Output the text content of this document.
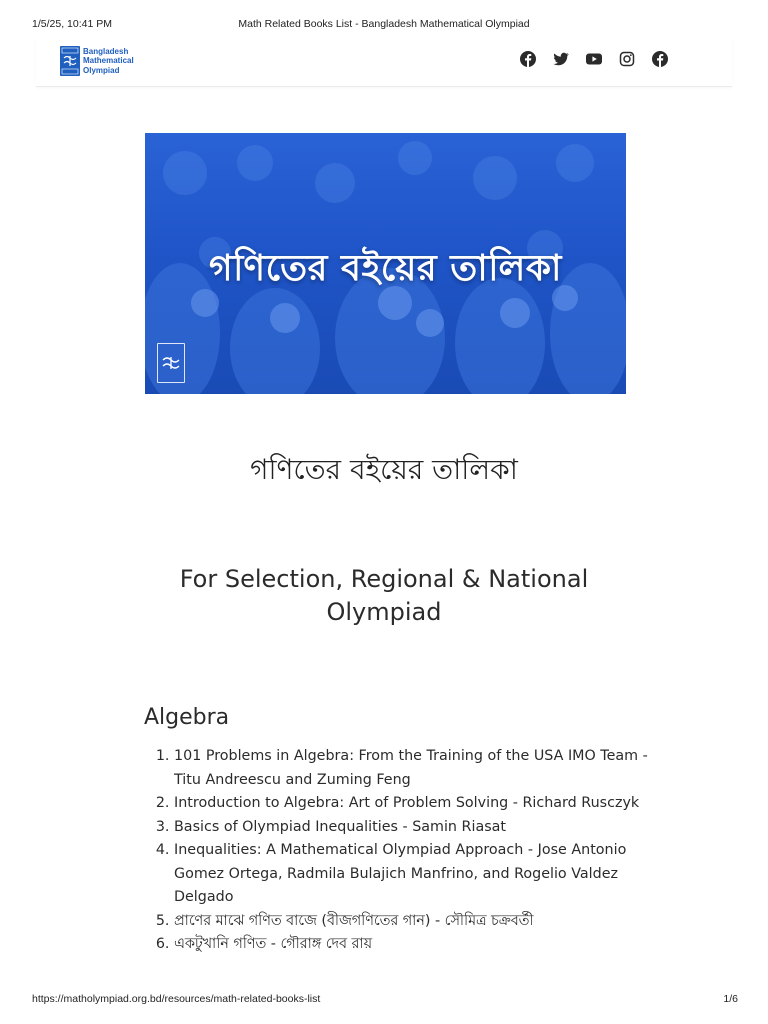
1/5/25, 10:41 PM	Math Related Books List - Bangladesh Mathematical Olympiad
Bangladesh
Mathematical
Olympiad
গণিতের বইয়ের তালিকা
গণিতের বইয়ের তালিকা
For Selection, Regional & National Olympiad
Algebra
1. 101 Problems in Algebra: From the Training of the USA IMO Team - Titu Andreescu and Zuming Feng
2. Introduction to Algebra: Art of Problem Solving - Richard Rusczyk
3. Basics of Olympiad Inequalities - Samin Riasat
4. Inequalities: A Mathematical Olympiad Approach - Jose Antonio Gomez Ortega, Radmila Bulajich Manfrino, and Rogelio Valdez Delgado
5. প্রাণের মাঝে গণিত বাজে (বীজগণিতের গান) - সৌমিত্র চক্রবর্তী
6. একটুখানি গণিত - গৌরাঙ্গ দেব রায়
https://matholympiad.org.bd/resources/math-related-books-list	1/6
